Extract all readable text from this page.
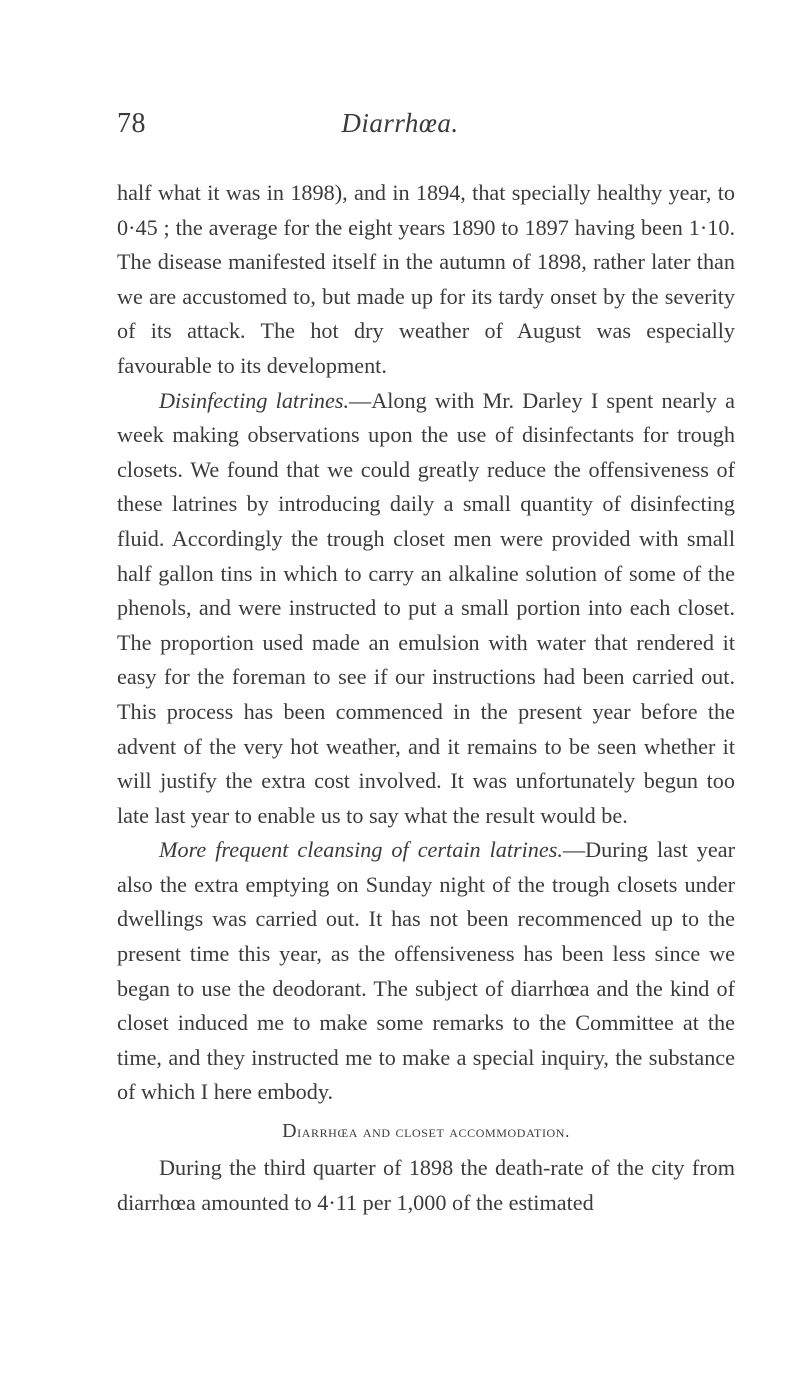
78	Diarrhœa.

half what it was in 1898), and in 1894, that specially healthy year, to 0·45 ; the average for the eight years 1890 to 1897 having been 1·10. The disease manifested itself in the autumn of 1898, rather later than we are accustomed to, but made up for its tardy onset by the severity of its attack. The hot dry weather of August was especially favourable to its development.

Disinfecting latrines.—Along with Mr. Darley I spent nearly a week making observations upon the use of disinfectants for trough closets. We found that we could greatly reduce the offensiveness of these latrines by introducing daily a small quantity of disinfecting fluid. Accordingly the trough closet men were provided with small half gallon tins in which to carry an alkaline solution of some of the phenols, and were instructed to put a small portion into each closet. The proportion used made an emulsion with water that rendered it easy for the foreman to see if our instructions had been carried out. This process has been commenced in the present year before the advent of the very hot weather, and it remains to be seen whether it will justify the extra cost involved. It was unfortunately begun too late last year to enable us to say what the result would be.

More frequent cleansing of certain latrines.—During last year also the extra emptying on Sunday night of the trough closets under dwellings was carried out. It has not been recommenced up to the present time this year, as the offensiveness has been less since we began to use the deodorant. The subject of diarrhœa and the kind of closet induced me to make some remarks to the Committee at the time, and they instructed me to make a special inquiry, the substance of which I here embody.

Diarrhœa and closet accommodation.

During the third quarter of 1898 the death-rate of the city from diarrhœa amounted to 4·11 per 1,000 of the estimated
